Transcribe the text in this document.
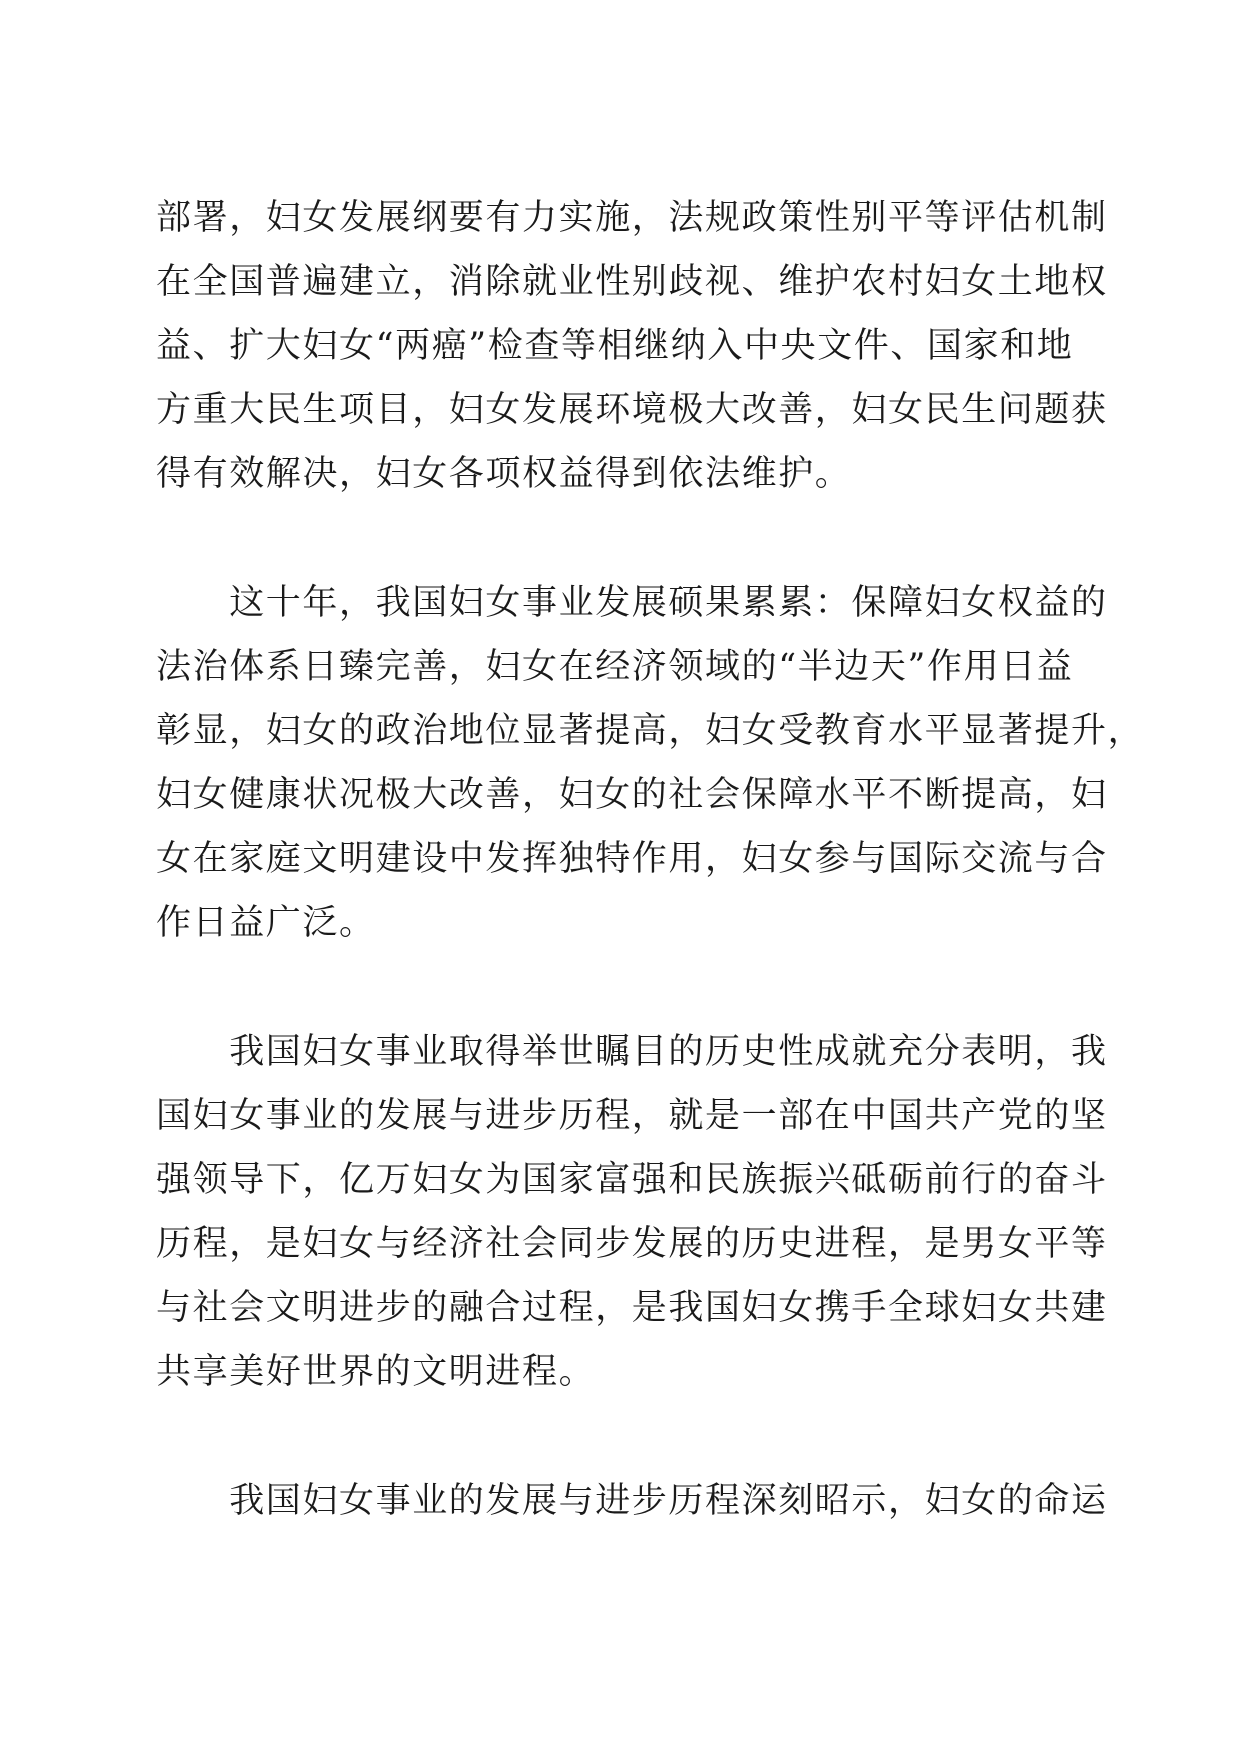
部署，妇女发展纲要有力实施，法规政策性别平等评估机制
在全国普遍建立，消除就业性别歧视、维护农村妇女土地权
益、扩大妇女“两癌”检查等相继纳入中央文件、国家和地
方重大民生项目，妇女发展环境极大改善，妇女民生问题获
得有效解决，妇女各项权益得到依法维护。

　　这十年，我国妇女事业发展硕果累累：保障妇女权益的
法治体系日臻完善，妇女在经济领域的“半边天”作用日益
彰显，妇女的政治地位显著提高，妇女受教育水平显著提升，
妇女健康状况极大改善，妇女的社会保障水平不断提高，妇
女在家庭文明建设中发挥独特作用，妇女参与国际交流与合
作日益广泛。

　　我国妇女事业取得举世瞩目的历史性成就充分表明，我
国妇女事业的发展与进步历程，就是一部在中国共产党的坚
强领导下，亿万妇女为国家富强和民族振兴砥砺前行的奋斗
历程，是妇女与经济社会同步发展的历史进程，是男女平等
与社会文明进步的融合过程，是我国妇女携手全球妇女共建
共享美好世界的文明进程。

　　我国妇女事业的发展与进步历程深刻昭示，妇女的命运
